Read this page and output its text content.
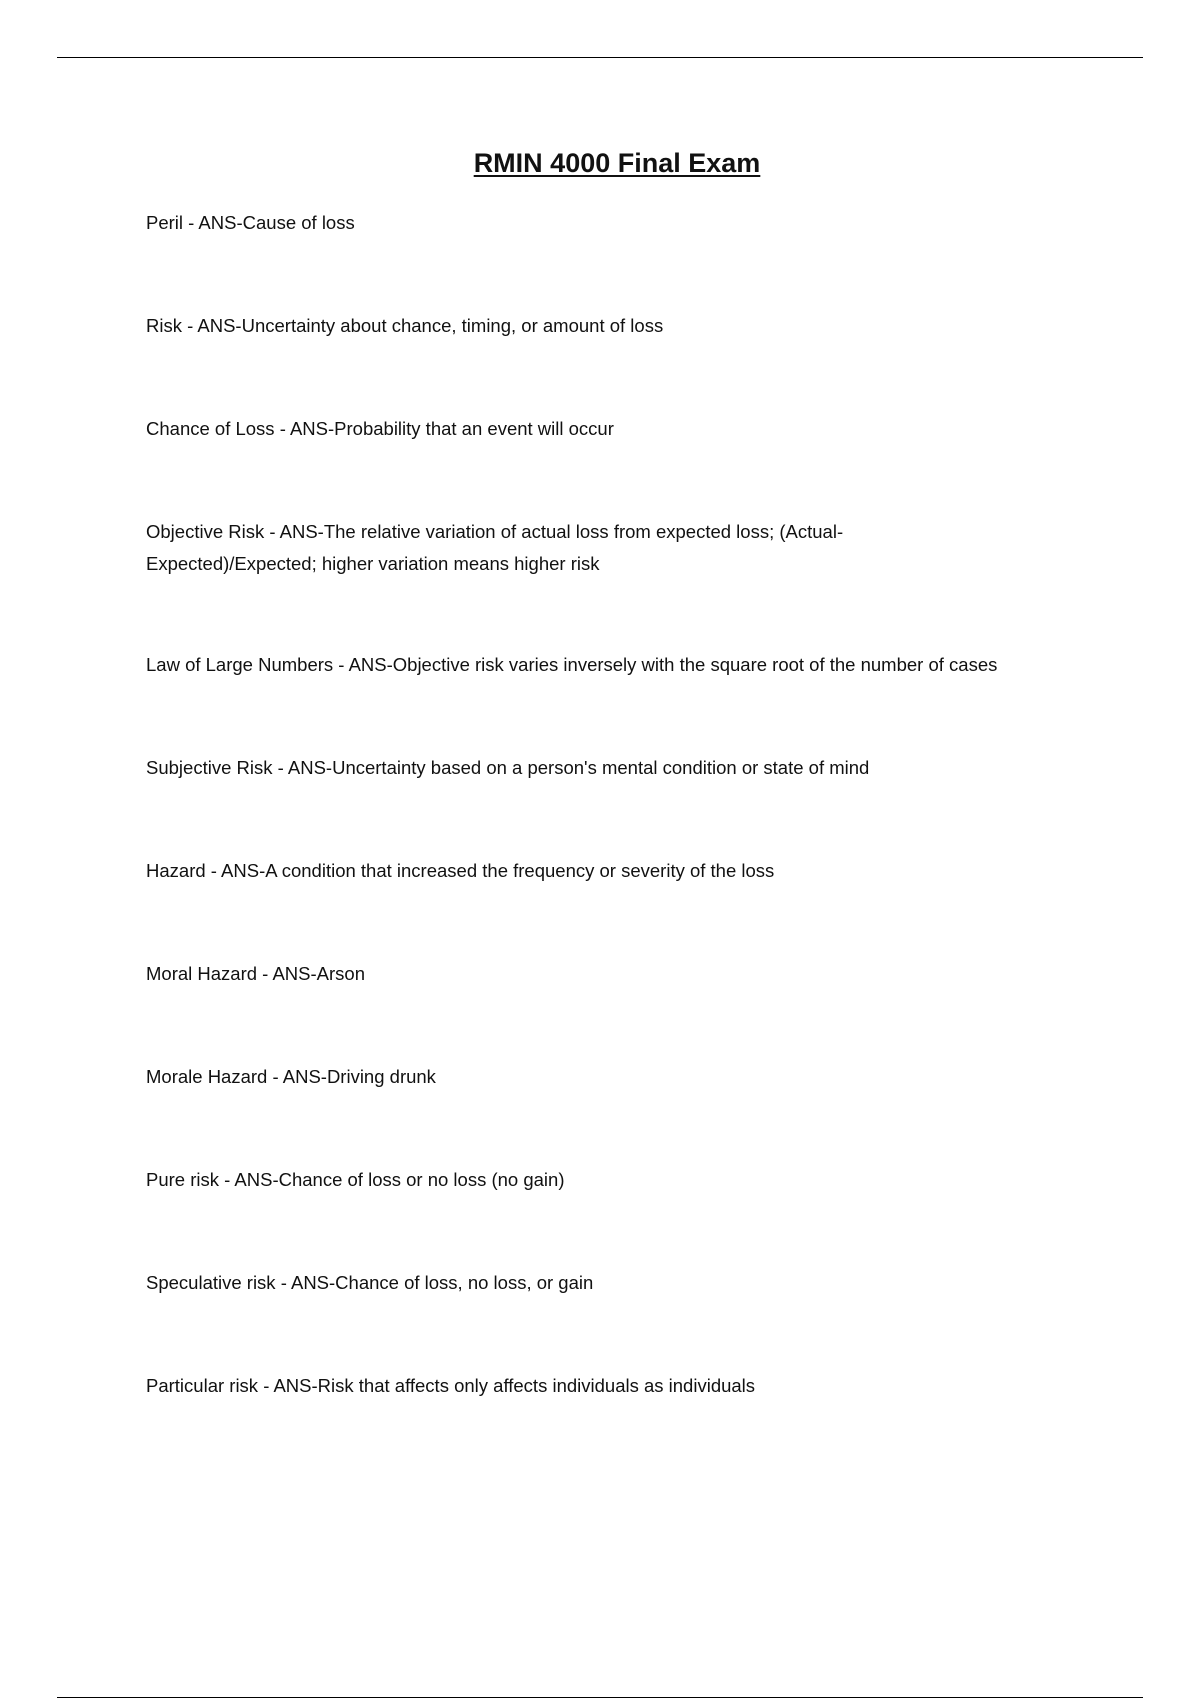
RMIN 4000 Final Exam

Peril - ANS-Cause of loss

Risk - ANS-Uncertainty about chance, timing, or amount of loss

Chance of Loss - ANS-Probability that an event will occur

Objective Risk - ANS-The relative variation of actual loss from expected loss; (Actual-Expected)/Expected; higher variation means higher risk

Law of Large Numbers - ANS-Objective risk varies inversely with the square root of the number of cases

Subjective Risk - ANS-Uncertainty based on a person's mental condition or state of mind

Hazard - ANS-A condition that increased the frequency or severity of the loss

Moral Hazard - ANS-Arson

Morale Hazard - ANS-Driving drunk

Pure risk - ANS-Chance of loss or no loss (no gain)

Speculative risk - ANS-Chance of loss, no loss, or gain

Particular risk - ANS-Risk that affects only affects individuals as individuals
